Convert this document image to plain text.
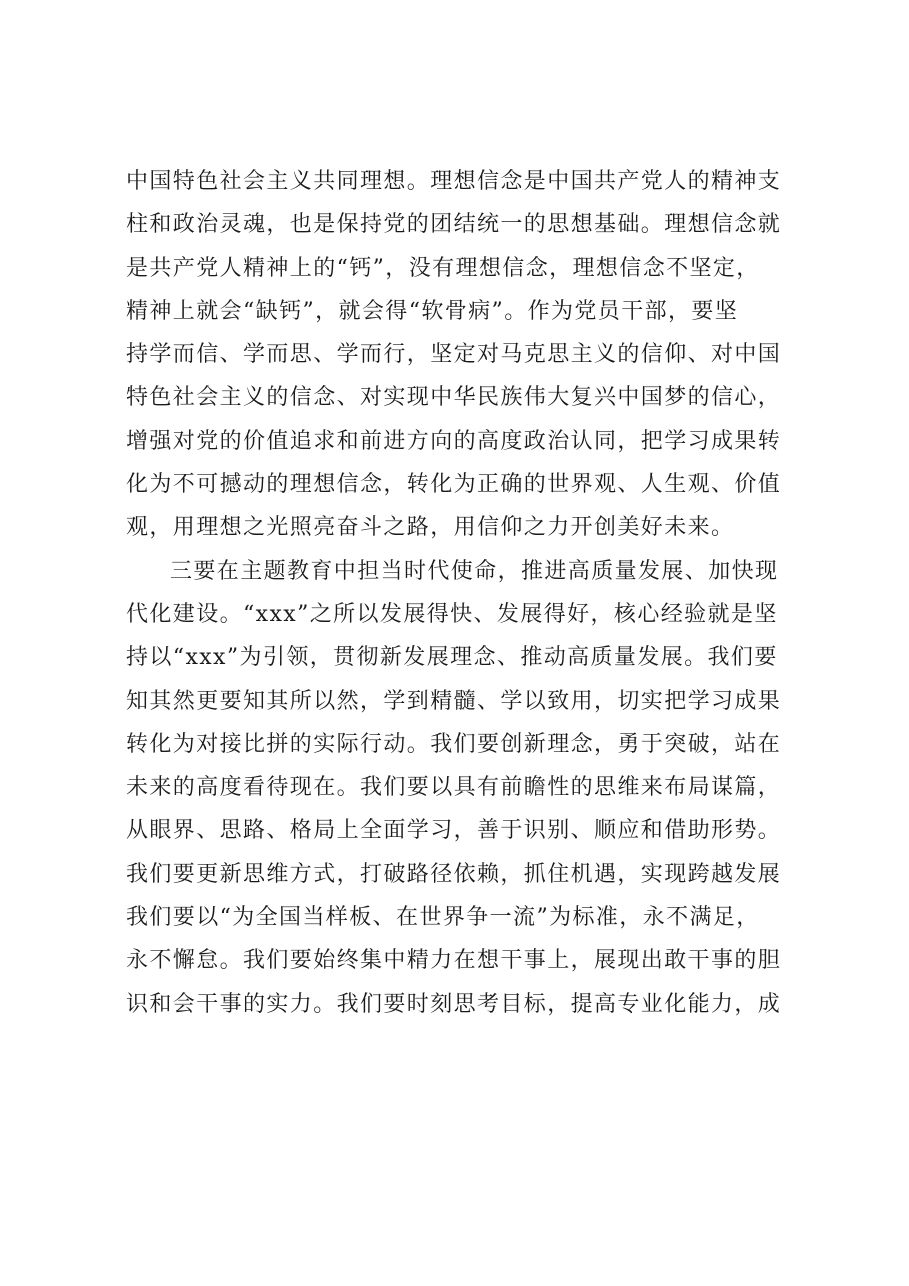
中国特色社会主义共同理想。理想信念是中国共产党人的精神支
柱和政治灵魂，也是保持党的团结统一的思想基础。理想信念就
是共产党人精神上的“钙”，没有理想信念，理想信念不坚定，
精神上就会“缺钙”，就会得“软骨病”。作为党员干部，要坚
持学而信、学而思、学而行，坚定对马克思主义的信仰、对中国
特色社会主义的信念、对实现中华民族伟大复兴中国梦的信心，
增强对党的价值追求和前进方向的高度政治认同，把学习成果转
化为不可撼动的理想信念，转化为正确的世界观、人生观、价值
观，用理想之光照亮奋斗之路，用信仰之力开创美好未来。
三要在主题教育中担当时代使命，推进高质量发展、加快现
代化建设。“xxx”之所以发展得快、发展得好，核心经验就是坚
持以“xxx”为引领，贯彻新发展理念、推动高质量发展。我们要
知其然更要知其所以然，学到精髓、学以致用，切实把学习成果
转化为对接比拼的实际行动。我们要创新理念，勇于突破，站在
未来的高度看待现在。我们要以具有前瞻性的思维来布局谋篇，
从眼界、思路、格局上全面学习，善于识别、顺应和借助形势。
我们要更新思维方式，打破路径依赖，抓住机遇，实现跨越发展
我们要以“为全国当样板、在世界争一流”为标准，永不满足，
永不懈怠。我们要始终集中精力在想干事上，展现出敢干事的胆
识和会干事的实力。我们要时刻思考目标，提高专业化能力，成
